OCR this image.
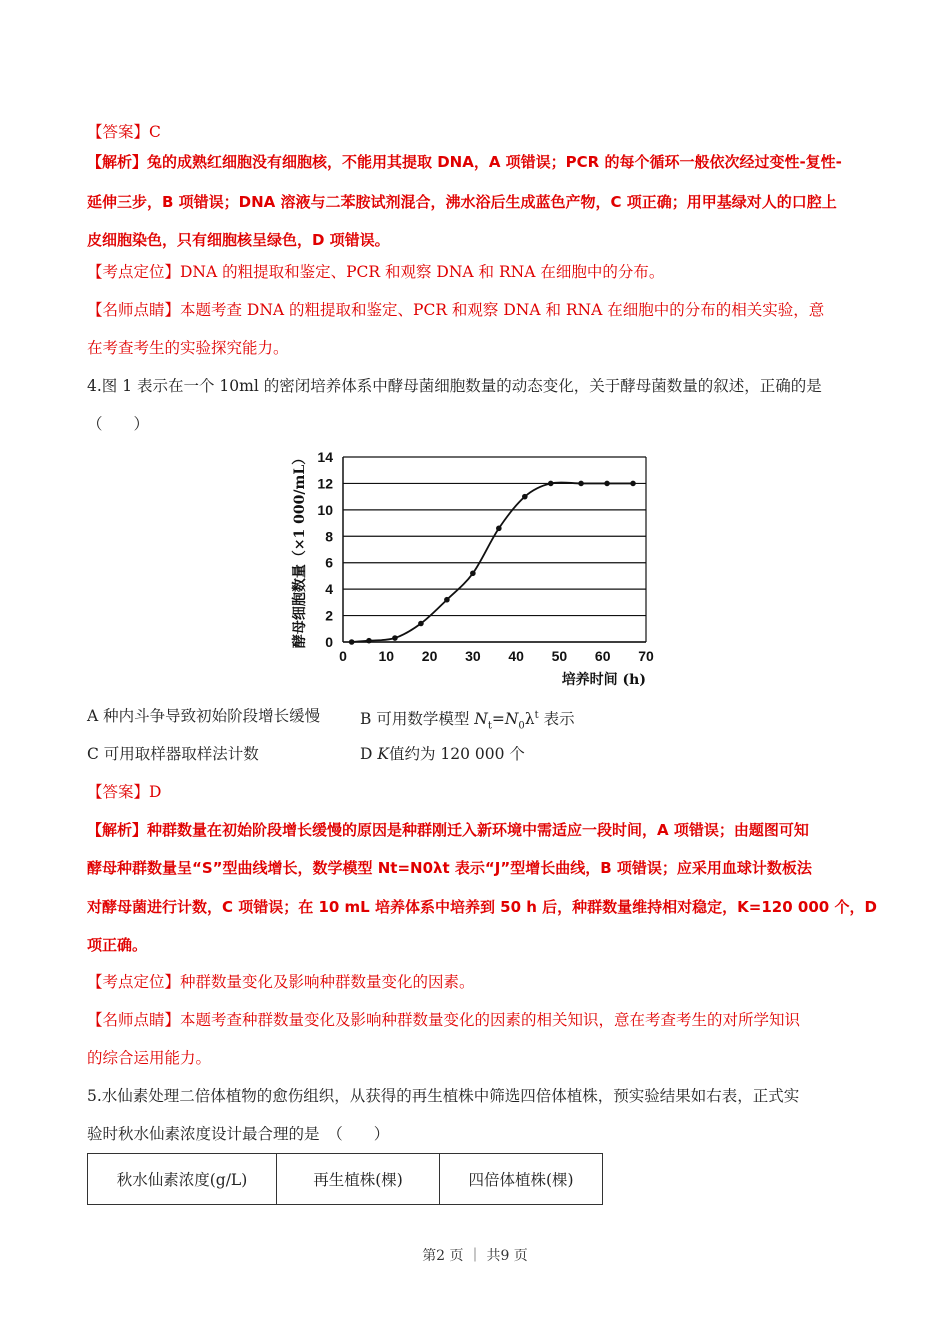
【答案】C
【解析】兔的成熟红细胞没有细胞核，不能用其提取 DNA，A 项错误；PCR 的每个循环一般依次经过变性-复性-
延伸三步，B 项错误；DNA 溶液与二苯胺试剂混合，沸水浴后生成蓝色产物，C 项正确；用甲基绿对人的口腔上
皮细胞染色，只有细胞核呈绿色，D 项错误。
【考点定位】DNA 的粗提取和鉴定、PCR 和观察 DNA 和 RNA 在细胞中的分布。
【名师点睛】本题考查 DNA 的粗提取和鉴定、PCR 和观察 DNA 和 RNA 在细胞中的分布的相关实验，意
在考查考生的实验探究能力。
4.图 1 表示在一个 10ml 的密闭培养体系中酵母菌细胞数量的动态变化，关于酵母菌数量的叙述，正确的是
（　　）
0
2
4
6
8
10
12
14
0 10 20 30 40 50 60 70
酵母细胞数量（×1 000/mL）
培养时间 (h)
A 种内斗争导致初始阶段增长缓慢	B 可用数学模型 $N_t=N_0\lambda^t$ 表示
C 可用取样器取样法计数	D K值约为 120 000 个
【答案】D
【解析】种群数量在初始阶段增长缓慢的原因是种群刚迁入新环境中需适应一段时间，A 项错误；由题图可知
酵母种群数量呈“S”型曲线增长，数学模型 Nt=N0λt 表示“J”型增长曲线，B 项错误；应采用血球计数板法
对酵母菌进行计数，C 项错误；在 10 mL 培养体系中培养到 50 h 后，种群数量维持相对稳定，K=120 000 个，D
项正确。
【考点定位】种群数量变化及影响种群数量变化的因素。
【名师点睛】本题考查种群数量变化及影响种群数量变化的因素的相关知识，意在考查考生的对所学知识
的综合运用能力。
5.水仙素处理二倍体植物的愈伤组织，从获得的再生植株中筛选四倍体植株，预实验结果如右表，正式实
验时秋水仙素浓度设计最合理的是　（　　）
秋水仙素浓度(g/L)	再生植株(棵)	四倍体植株(棵)
第2 页 ｜ 共9 页
